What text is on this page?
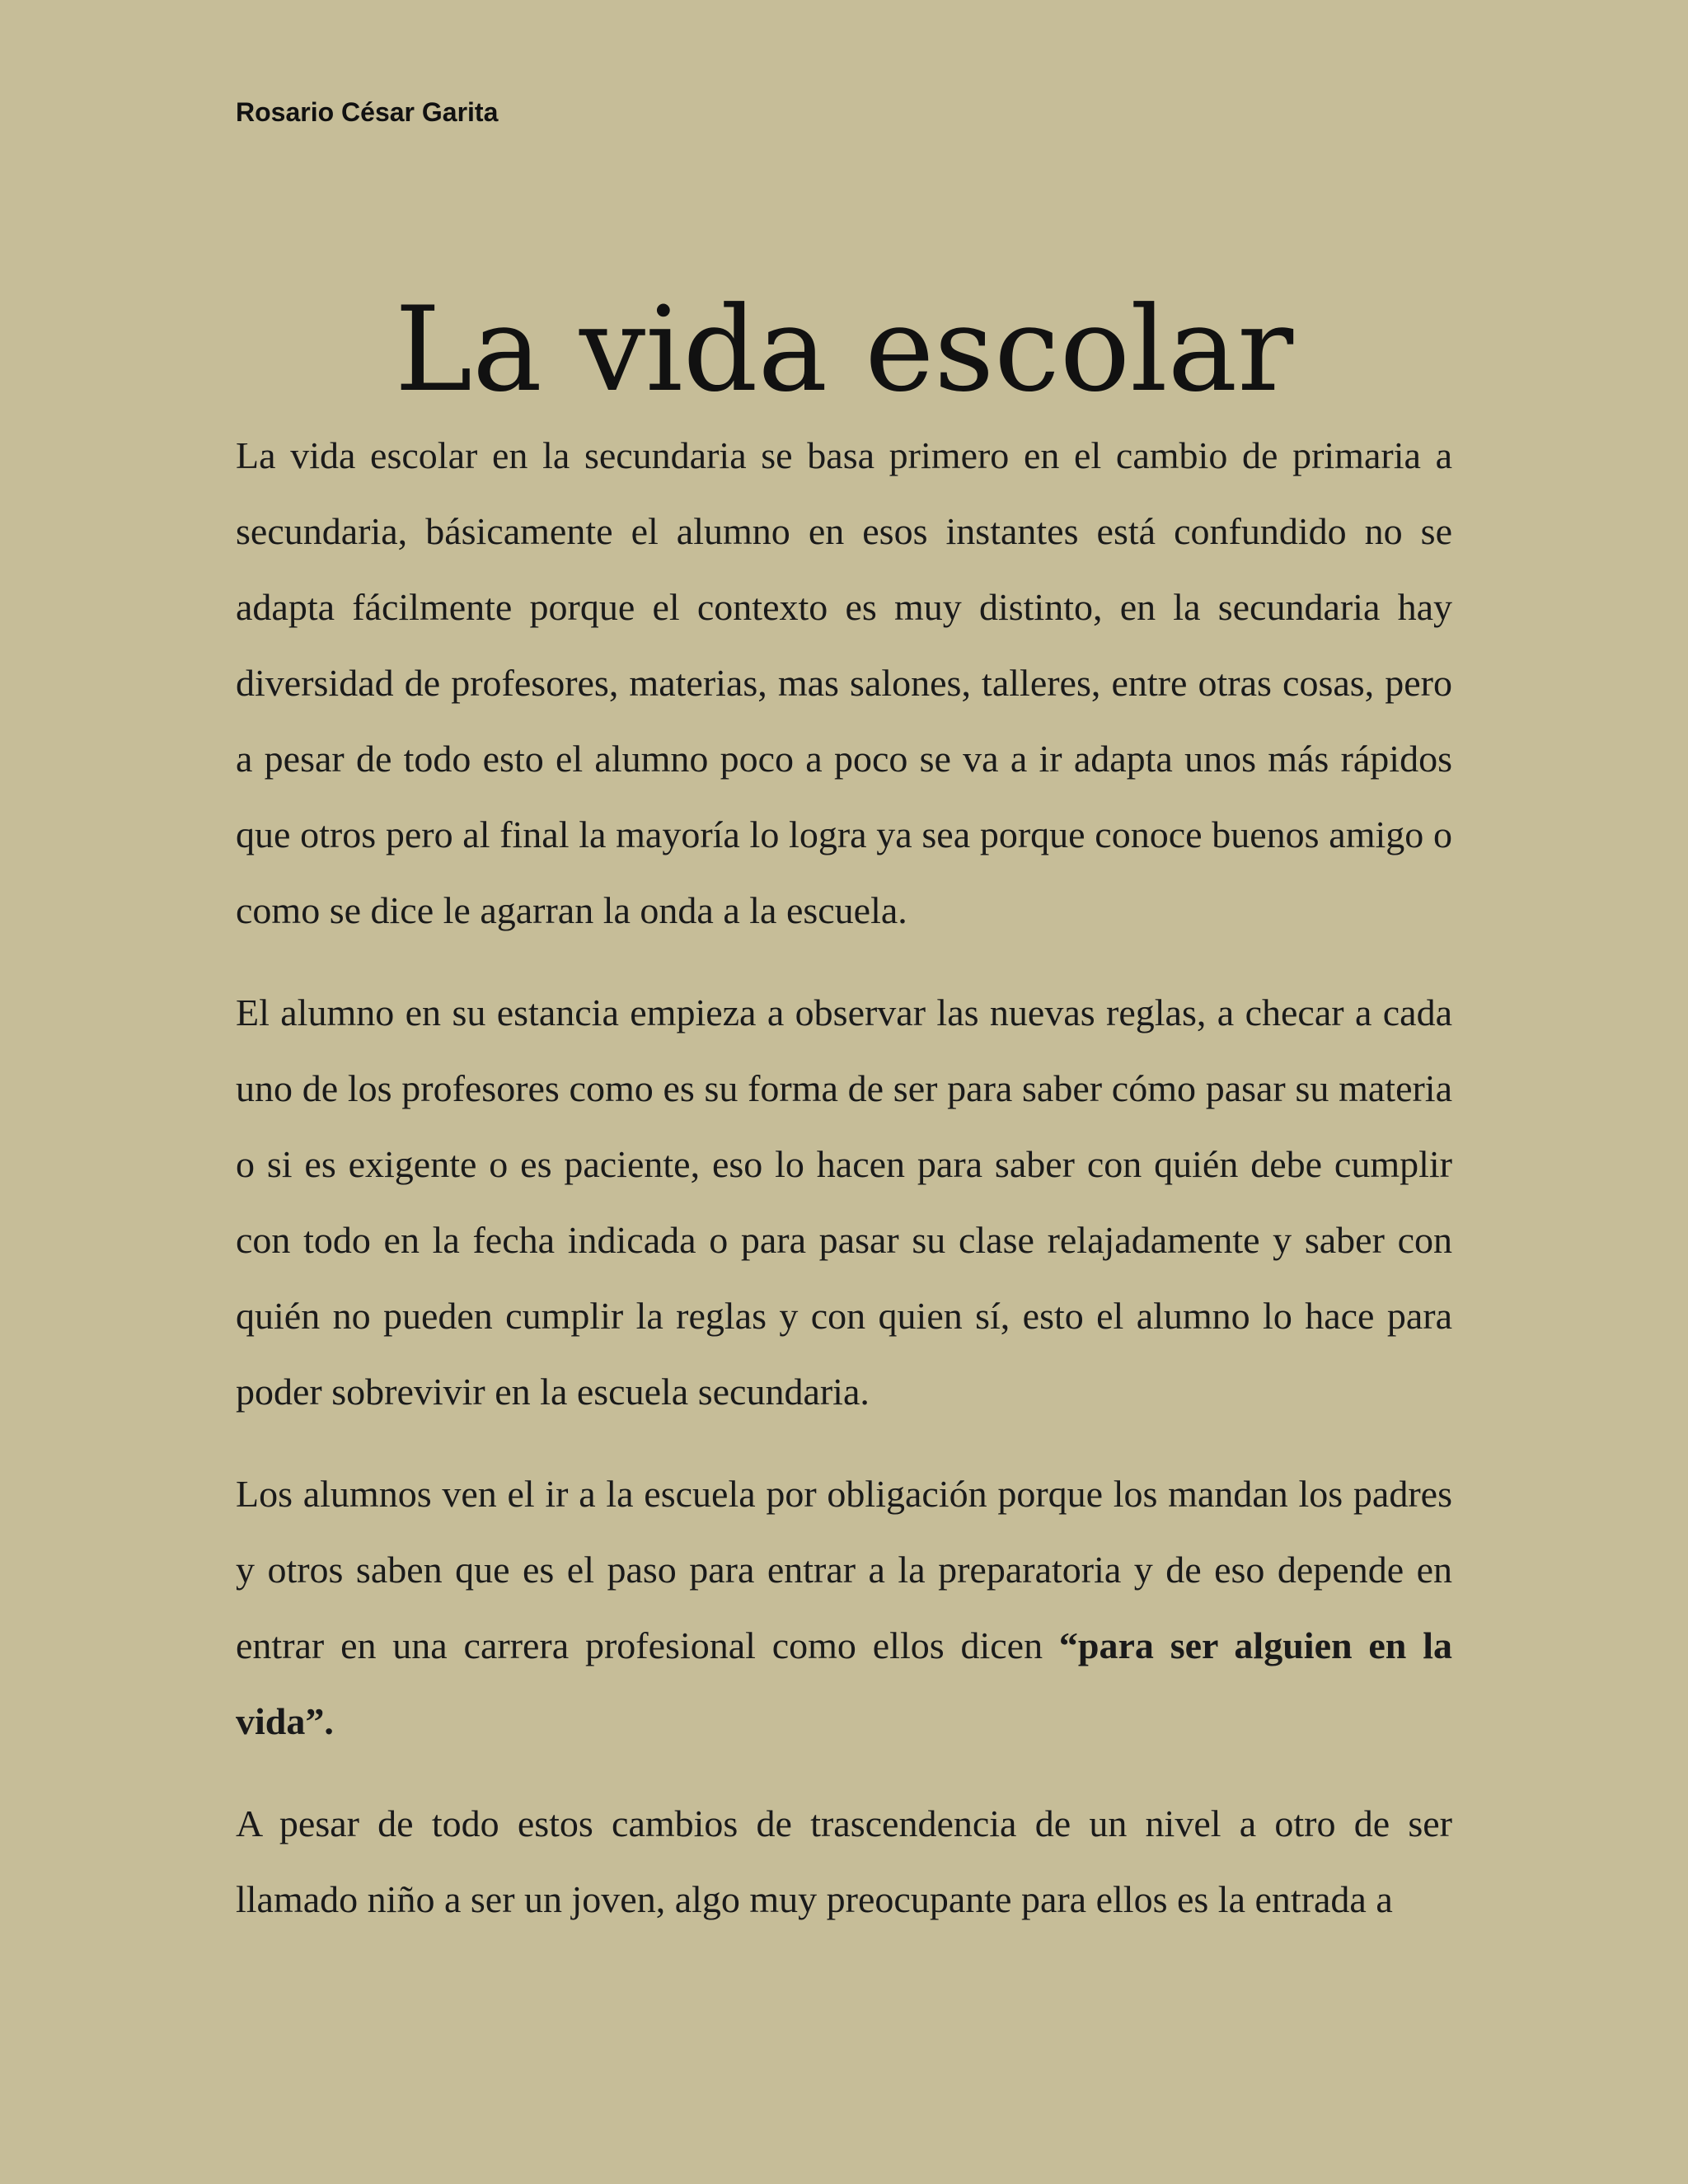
Rosario César Garita
La vida escolar

La vida escolar en la secundaria se basa primero en el cambio de primaria a secundaria, básicamente el alumno en esos instantes está confundido no se adapta fácilmente porque el contexto es muy distinto, en la secundaria hay diversidad de profesores, materias, mas salones, talleres, entre otras cosas, pero a pesar de todo esto el alumno poco a poco se va a ir adapta unos más rápidos que otros pero al final la mayoría lo logra ya sea porque conoce buenos amigo o como se dice le agarran la onda a la escuela.

El alumno en su estancia empieza a observar las nuevas reglas, a checar a cada uno de los profesores como es su forma de ser para saber cómo pasar su materia o si es exigente o es paciente, eso lo hacen para saber con quién debe cumplir con todo en la fecha indicada o para pasar su clase relajadamente y saber con quién no pueden cumplir la reglas y con quien sí, esto el alumno lo hace para poder sobrevivir en la escuela secundaria.

Los alumnos ven el ir a la escuela por obligación porque los mandan los padres y otros saben que es el paso para entrar a la preparatoria y de eso depende en entrar en una carrera profesional como ellos dicen “para ser alguien en la vida”.

A pesar de todo estos cambios de trascendencia de un nivel a otro de ser llamado niño a ser un joven, algo muy preocupante para ellos es la entrada a
